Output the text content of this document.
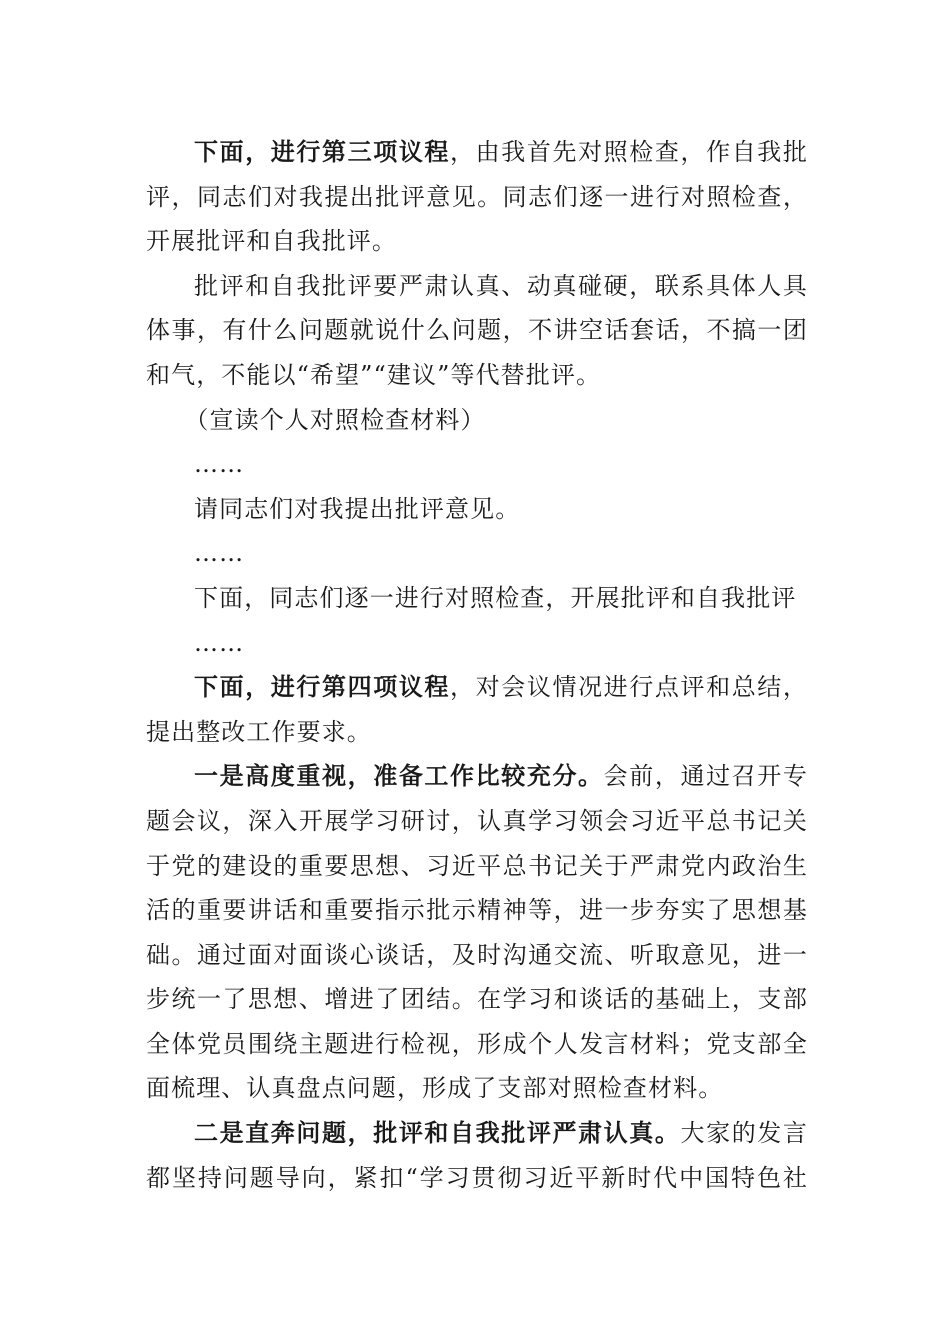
下面，进行第三项议程，由我首先对照检查，作自我批评，同志们对我提出批评意见。同志们逐一进行对照检查，开展批评和自我批评。

批评和自我批评要严肃认真、动真碰硬，联系具体人具体事，有什么问题就说什么问题，不讲空话套话，不搞一团和气，不能以“希望”“建议”等代替批评。

（宣读个人对照检查材料）

……

请同志们对我提出批评意见。

……

下面，同志们逐一进行对照检查，开展批评和自我批评

……

下面，进行第四项议程，对会议情况进行点评和总结，提出整改工作要求。

一是高度重视，准备工作比较充分。会前，通过召开专题会议，深入开展学习研讨，认真学习领会习近平总书记关于党的建设的重要思想、习近平总书记关于严肃党内政治生活的重要讲话和重要指示批示精神等，进一步夯实了思想基础。通过面对面谈心谈话，及时沟通交流、听取意见，进一步统一了思想、增进了团结。在学习和谈话的基础上，支部全体党员围绕主题进行检视，形成个人发言材料；党支部全面梳理、认真盘点问题，形成了支部对照检查材料。

二是直奔问题，批评和自我批评严肃认真。大家的发言都坚持问题导向，紧扣“学习贯彻习近平新时代中国特色社
